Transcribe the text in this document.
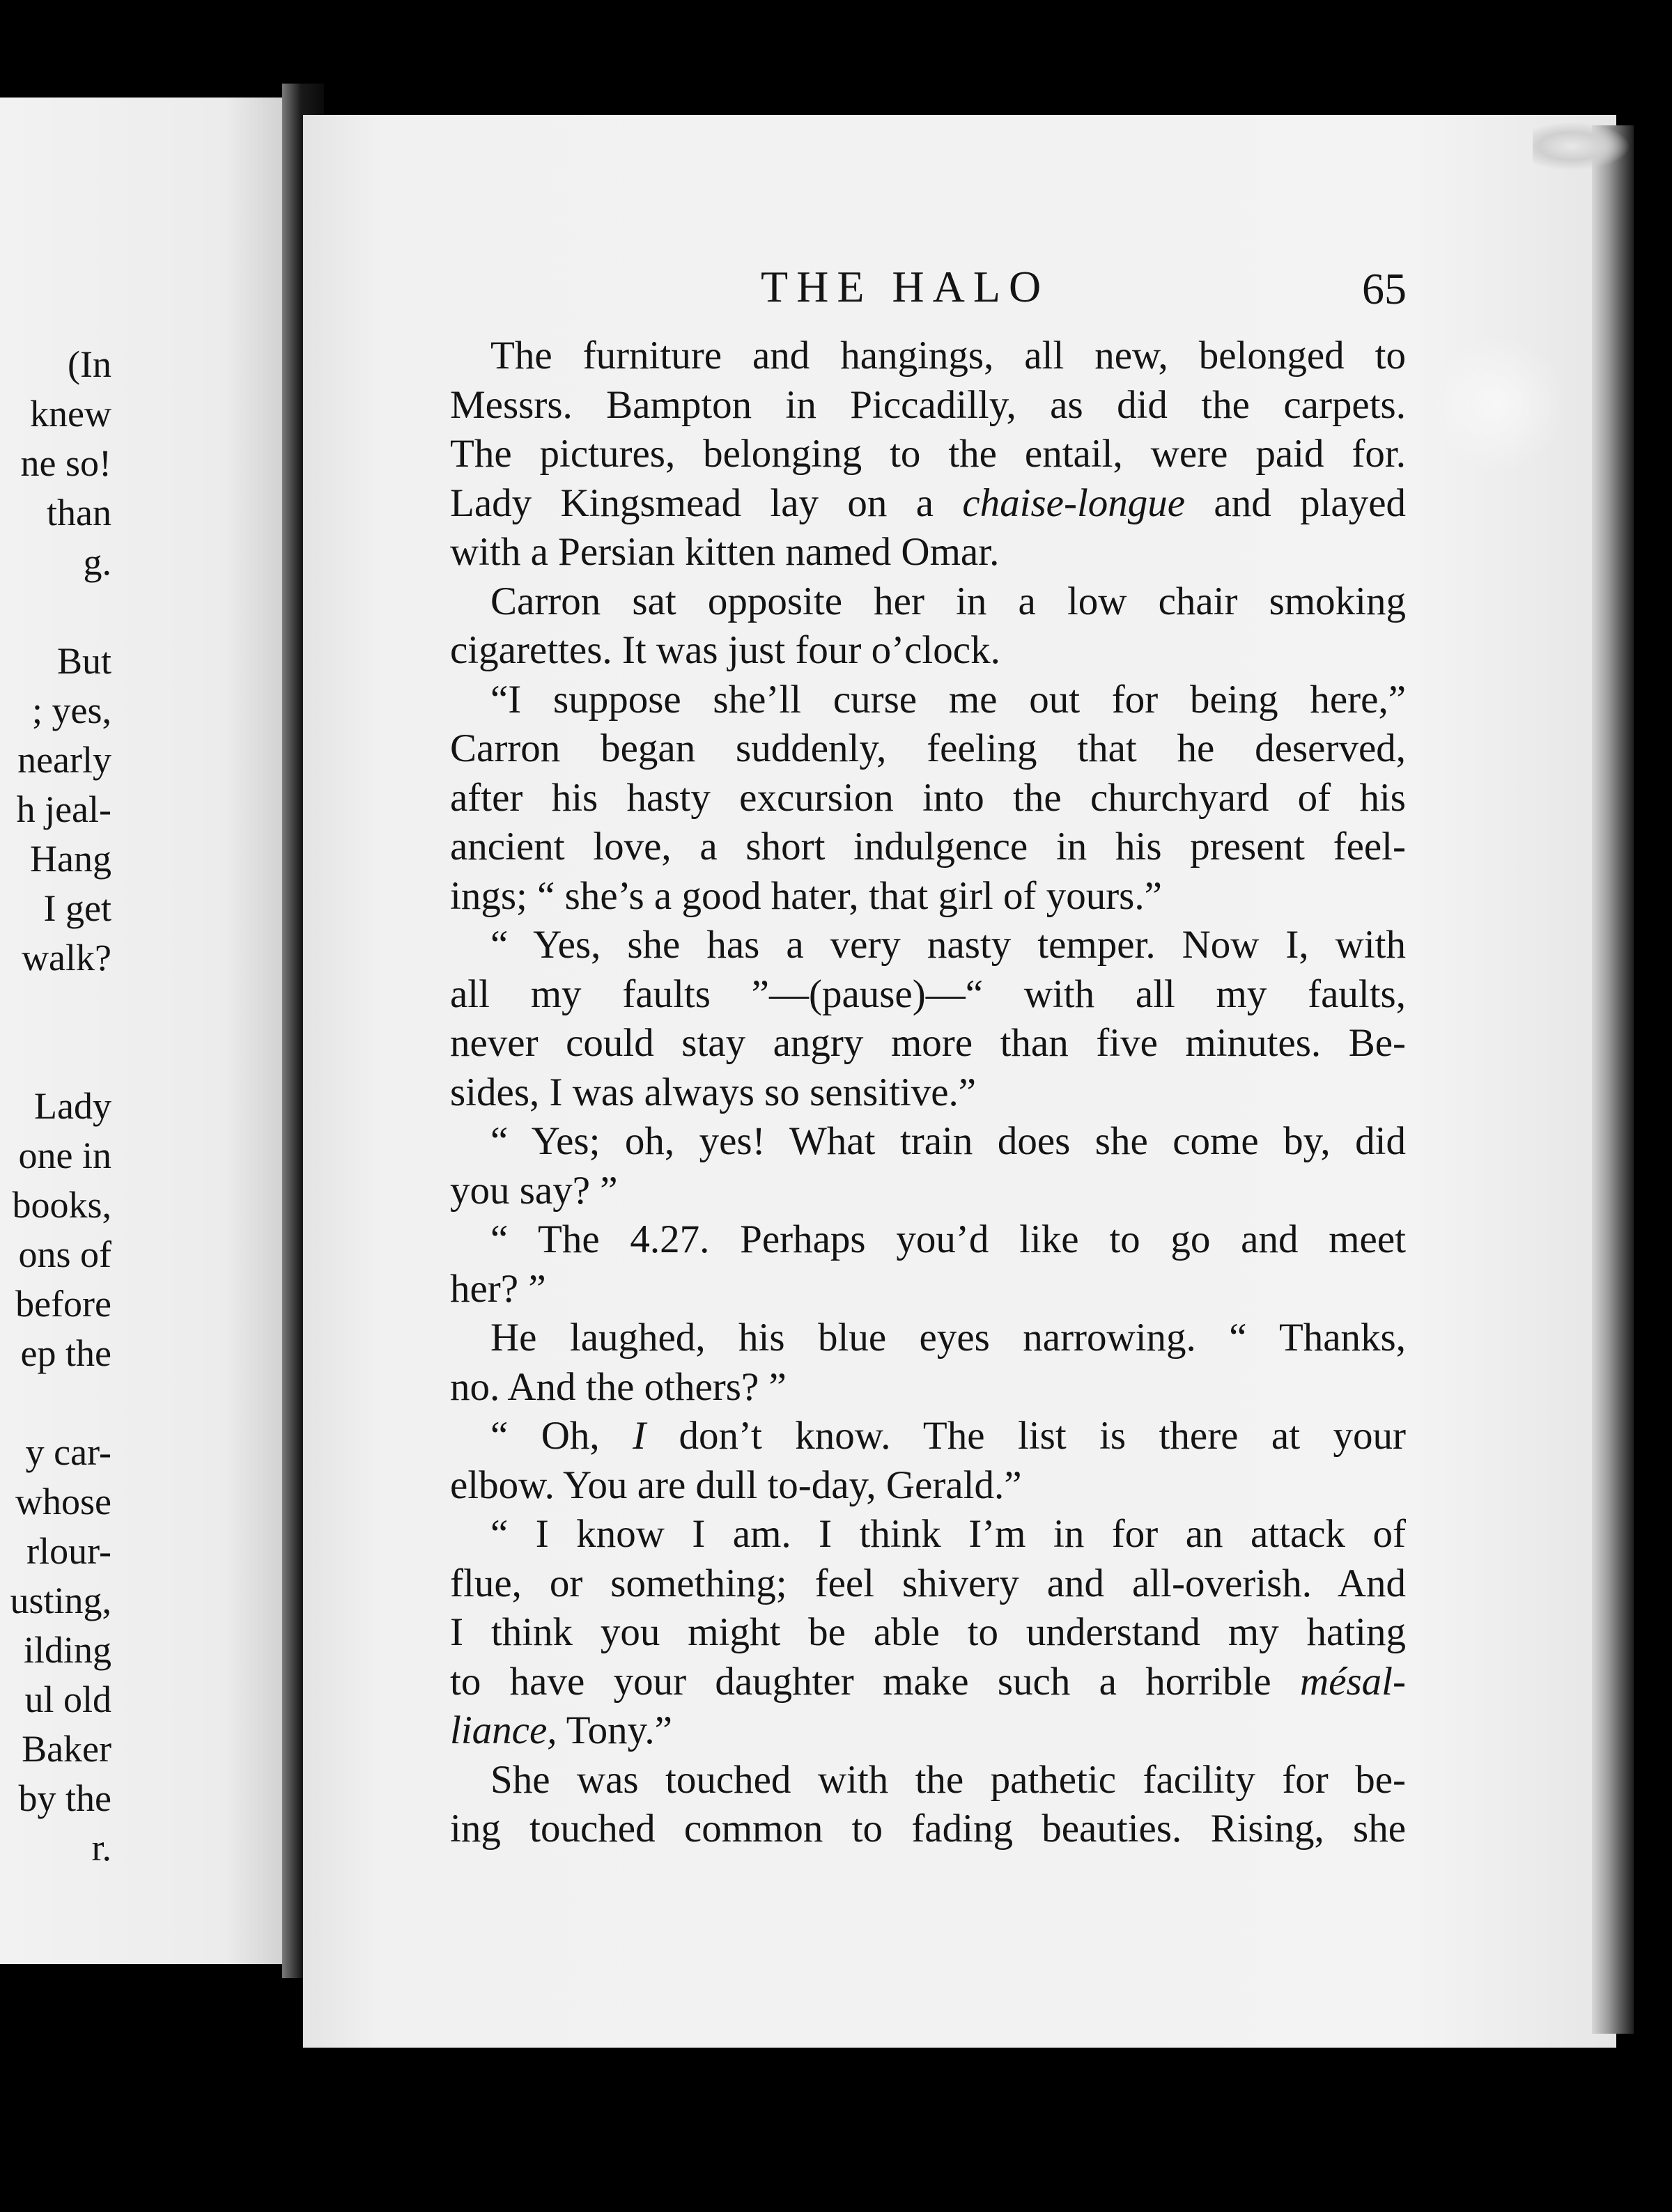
(In
knew
ne so!
than
g.
But
; yes,
nearly
h jeal-
Hang
I get
walk?
Lady
one in
books,
ons of
before
ep the
y car-
whose
rlour-
usting,
ilding
ul old
Baker
by the
r.
THE HALO	65
The furniture and hangings, all new, belonged to
Messrs. Bampton in Piccadilly, as did the carpets.
The pictures, belonging to the entail, were paid for.
Lady Kingsmead lay on a chaise-longue and played
with a Persian kitten named Omar.
Carron sat opposite her in a low chair smoking
cigarettes. It was just four o’clock.
“I suppose she’ll curse me out for being here,”
Carron began suddenly, feeling that he deserved,
after his hasty excursion into the churchyard of his
ancient love, a short indulgence in his present feel-
ings; “ she’s a good hater, that girl of yours.”
“ Yes, she has a very nasty temper. Now I, with
all my faults ”—(pause)—“ with all my faults,
never could stay angry more than five minutes. Be-
sides, I was always so sensitive.”
“ Yes; oh, yes! What train does she come by, did
you say? ”
“ The 4.27. Perhaps you’d like to go and meet
her? ”
He laughed, his blue eyes narrowing. “ Thanks,
no. And the others? ”
“ Oh, I don’t know. The list is there at your
elbow. You are dull to-day, Gerald.”
“ I know I am. I think I’m in for an attack of
flue, or something; feel shivery and all-overish. And
I think you might be able to understand my hating
to have your daughter make such a horrible mésal-
liance, Tony.”
She was touched with the pathetic facility for be-
ing touched common to fading beauties. Rising, she
